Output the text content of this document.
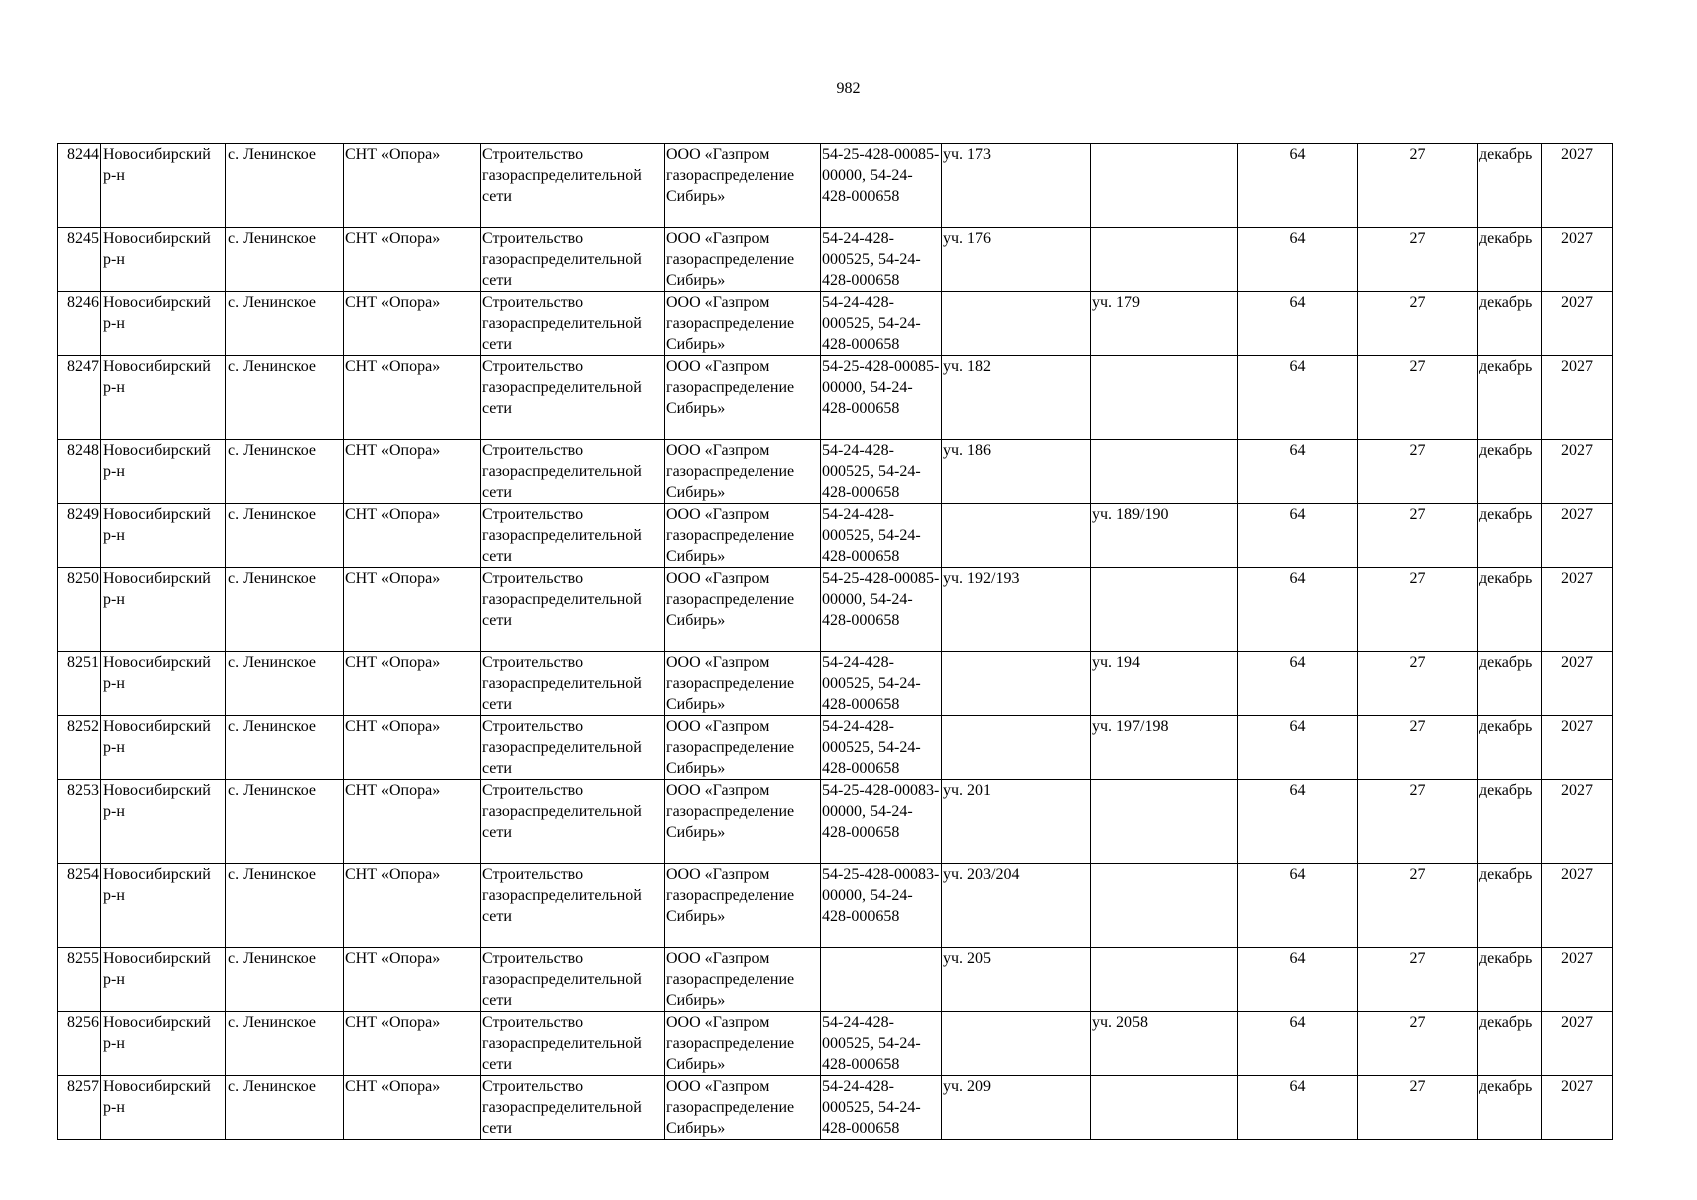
982
8244	Новосибирский р-н	с. Ленинское	СНТ «Опора»	Строительство газораспределительной сети	ООО «Газпром газораспределение Сибирь»	54-25-428-00085-00000, 54-24-428-000658	уч. 173		64	27	декабрь	2027
8245	Новосибирский р-н	с. Ленинское	СНТ «Опора»	Строительство газораспределительной сети	ООО «Газпром газораспределение Сибирь»	54-24-428-000525, 54-24-428-000658	уч. 176		64	27	декабрь	2027
8246	Новосибирский р-н	с. Ленинское	СНТ «Опора»	Строительство газораспределительной сети	ООО «Газпром газораспределение Сибирь»	54-24-428-000525, 54-24-428-000658		уч. 179	64	27	декабрь	2027
8247	Новосибирский р-н	с. Ленинское	СНТ «Опора»	Строительство газораспределительной сети	ООО «Газпром газораспределение Сибирь»	54-25-428-00085-00000, 54-24-428-000658	уч. 182		64	27	декабрь	2027
8248	Новосибирский р-н	с. Ленинское	СНТ «Опора»	Строительство газораспределительной сети	ООО «Газпром газораспределение Сибирь»	54-24-428-000525, 54-24-428-000658	уч. 186		64	27	декабрь	2027
8249	Новосибирский р-н	с. Ленинское	СНТ «Опора»	Строительство газораспределительной сети	ООО «Газпром газораспределение Сибирь»	54-24-428-000525, 54-24-428-000658		уч. 189/190	64	27	декабрь	2027
8250	Новосибирский р-н	с. Ленинское	СНТ «Опора»	Строительство газораспределительной сети	ООО «Газпром газораспределение Сибирь»	54-25-428-00085-00000, 54-24-428-000658	уч. 192/193		64	27	декабрь	2027
8251	Новосибирский р-н	с. Ленинское	СНТ «Опора»	Строительство газораспределительной сети	ООО «Газпром газораспределение Сибирь»	54-24-428-000525, 54-24-428-000658		уч. 194	64	27	декабрь	2027
8252	Новосибирский р-н	с. Ленинское	СНТ «Опора»	Строительство газораспределительной сети	ООО «Газпром газораспределение Сибирь»	54-24-428-000525, 54-24-428-000658		уч. 197/198	64	27	декабрь	2027
8253	Новосибирский р-н	с. Ленинское	СНТ «Опора»	Строительство газораспределительной сети	ООО «Газпром газораспределение Сибирь»	54-25-428-00083-00000, 54-24-428-000658	уч. 201		64	27	декабрь	2027
8254	Новосибирский р-н	с. Ленинское	СНТ «Опора»	Строительство газораспределительной сети	ООО «Газпром газораспределение Сибирь»	54-25-428-00083-00000, 54-24-428-000658	уч. 203/204		64	27	декабрь	2027
8255	Новосибирский р-н	с. Ленинское	СНТ «Опора»	Строительство газораспределительной сети	ООО «Газпром газораспределение Сибирь»		уч. 205		64	27	декабрь	2027
8256	Новосибирский р-н	с. Ленинское	СНТ «Опора»	Строительство газораспределительной сети	ООО «Газпром газораспределение Сибирь»	54-24-428-000525, 54-24-428-000658		уч. 2058	64	27	декабрь	2027
8257	Новосибирский р-н	с. Ленинское	СНТ «Опора»	Строительство газораспределительной сети	ООО «Газпром газораспределение Сибирь»	54-24-428-000525, 54-24-428-000658	уч. 209		64	27	декабрь	2027
